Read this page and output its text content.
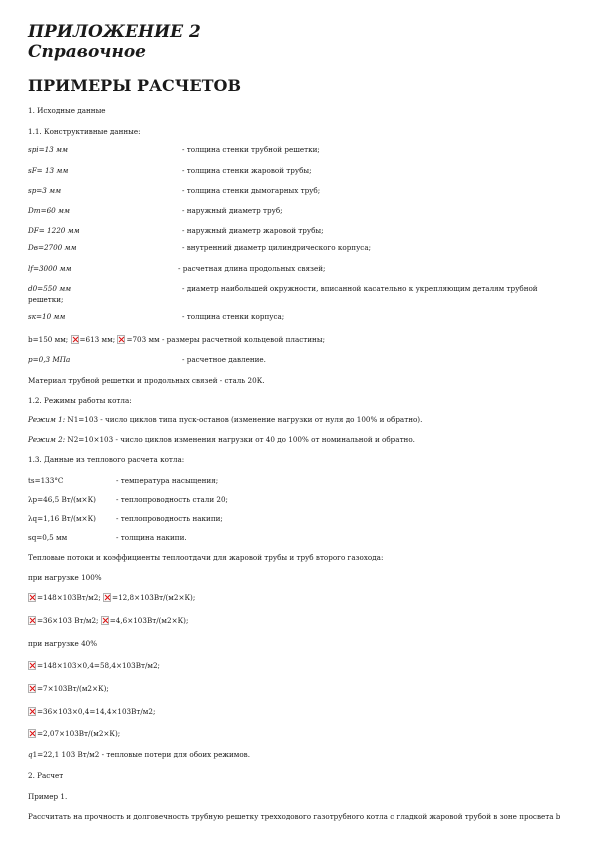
ПРИЛОЖЕНИЕ 2
Справочное
ПРИМЕРЫ РАСЧЕТОВ
1. Исходные данные
1.1. Конструктивные данные:
sрi=13 мм	- толщина стенки трубной решетки;
sF= 13 мм	- толщина стенки жаровой трубы;
sр=3 мм	- толщина стенки дымогарных труб;
Dт=60 мм	- наружный диаметр труб;
DF= 1220 мм	- наружный диаметр жаровой трубы;
Dв=2700 мм	- внутренний диаметр цилиндрического корпуса;
lf=3000 мм	- расчетная длина продольных связей;
d0=550 мм	- диаметр наибольшей окружности, вписанной касательно к укрепляющим деталям трубной
решетки;
sк=10 мм	- толщина стенки корпуса;
b=150 мм; =613 мм; =703 мм - размеры расчетной кольцевой пластины;
р=0,3 МПа	- расчетное давление.
Материал трубной решетки и продольных связей - сталь 20К.
1.2. Режимы работы котла:
Режим 1: N1=103 - число циклов типа пуск-останов (изменение нагрузки от нуля до 100% и обратно).
Режим 2: N2=10×103 - число циклов изменения нагрузки от 40 до 100% от номинальной и обратно.
1.3. Данные из теплового расчета котла:
ts=133°С	- температура насыщения;
λp=46,5 Вт/(м×К)	- теплопроводность стали 20;
λq=1,16 Вт/(м×К)	- теплопроводность накипи;
sq=0,5 мм	- толщина накипи.
Тепловые потоки и коэффициенты теплоотдачи для жаровой трубы и труб второго газохода:
при нагрузке 100%
=148×103Вт/м2; =12,8×103Вт/(м2×К);
=36×103 Вт/м2; =4,6×103Вт/(м2×К);
при нагрузке 40%
=148×103×0,4=58,4×103Вт/м2;
=7×103Вт/(м2×К);
=36×103×0,4=14,4×103Вт/м2;
=2,07×103Вт/(м2×К);
q1=22,1 103 Вт/м2 - тепловые потери для обоих режимов.
2. Расчет
Пример 1.
Рассчитать на прочность и долговечность трубную решетку трехходового газотрубного котла с гладкой жаровой трубой в зоне просвета b
